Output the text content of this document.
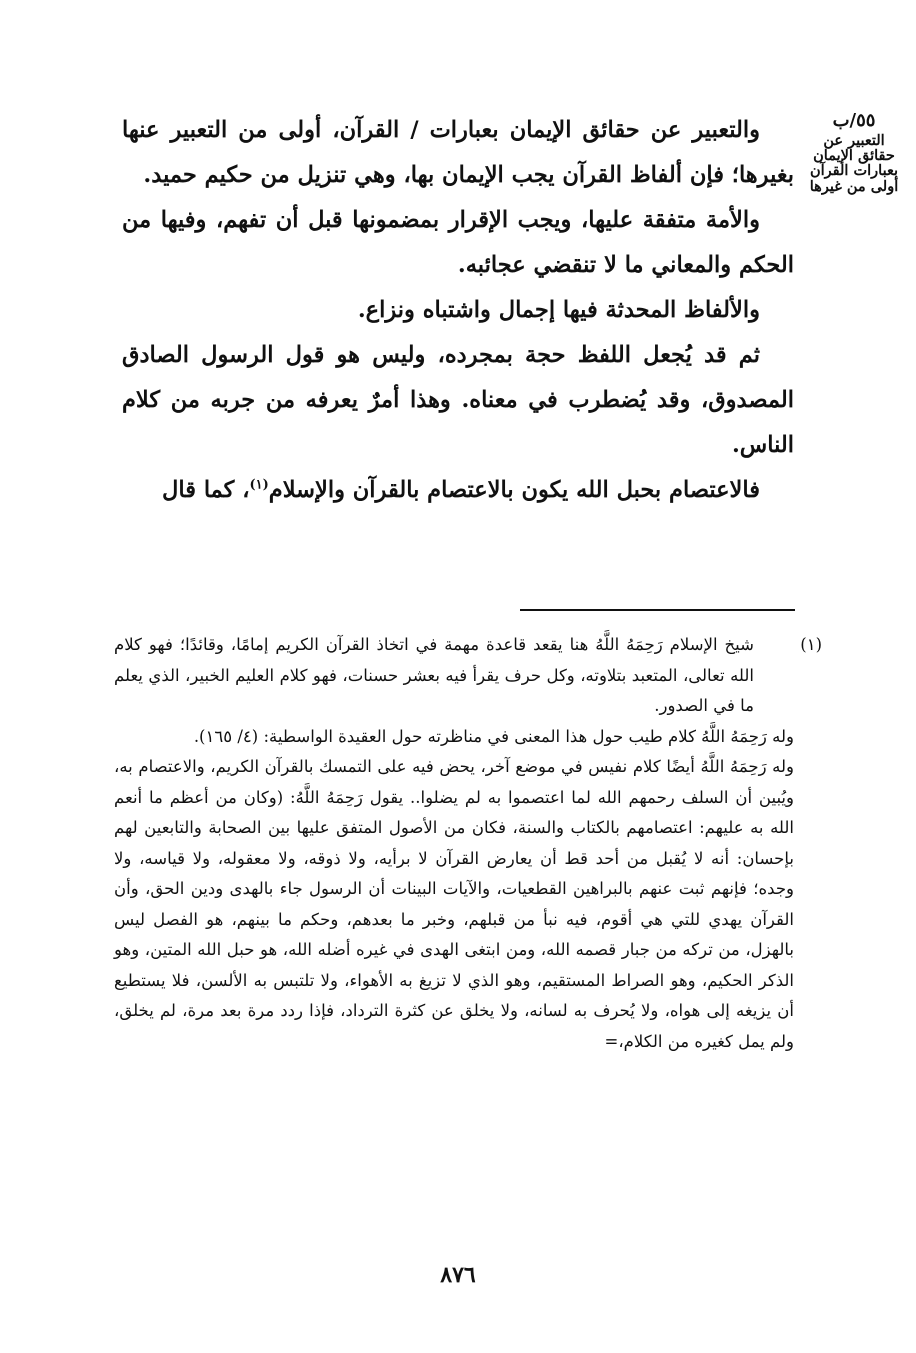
٥٥/ب
التعبير عن حقائق الإيمان بعبارات القرآن أولى من غيرها

والتعبير عن حقائق الإيمان بعبارات / القرآن، أولى من التعبير عنها بغيرها؛ فإن ألفاظ القرآن يجب الإيمان بها، وهي تنزيل من حكيم حميد.

والأمة متفقة عليها، ويجب الإقرار بمضمونها قبل أن تفهم، وفيها من الحكم والمعاني ما لا تنقضي عجائبه.

والألفاظ المحدثة فيها إجمال واشتباه ونزاع.

ثم قد يُجعل اللفظ حجة بمجرده، وليس هو قول الرسول الصادق المصدوق، وقد يُضطرب في معناه. وهذا أمرٌ يعرفه من جربه من كلام الناس.

فالاعتصام بحبل الله يكون بالاعتصام بالقرآن والإسلام$^{(١)}$، كما قال

(١)
شيخ الإسلام رَحِمَهُ اللَّهُ هنا يقعد قاعدة مهمة في اتخاذ القرآن الكريم إمامًا، وقائدًا؛ فهو كلام الله تعالى، المتعبد بتلاوته، وكل حرف يقرأ فيه بعشر حسنات، فهو كلام العليم الخبير، الذي يعلم ما في الصدور.

وله رَحِمَهُ اللَّهُ كلام طيب حول هذا المعنى في مناظرته حول العقيدة الواسطية: (٤/ ١٦٥).

وله رَحِمَهُ اللَّهُ أيضًا كلام نفيس في موضع آخر، يحض فيه على التمسك بالقرآن الكريم، والاعتصام به، ويُبين أن السلف رحمهم الله لما اعتصموا به لم يضلوا.. يقول رَحِمَهُ اللَّهُ: (وكان من أعظم ما أنعم الله به عليهم: اعتصامهم بالكتاب والسنة، فكان من الأصول المتفق عليها بين الصحابة والتابعين لهم بإحسان: أنه لا يُقبل من أحد قط أن يعارض القرآن لا برأيه، ولا ذوقه، ولا معقوله، ولا قياسه، ولا وجده؛ فإنهم ثبت عنهم بالبراهين القطعيات، والآيات البينات أن الرسول جاء بالهدى ودين الحق، وأن القرآن يهدي للتي هي أقوم، فيه نبأ من قبلهم، وخبر ما بعدهم، وحكم ما بينهم، هو الفصل ليس بالهزل، من تركه من جبار قصمه الله، ومن ابتغى الهدى في غيره أضله الله، هو حبل الله المتين، وهو الذكر الحكيم، وهو الصراط المستقيم، وهو الذي لا تزيغ به الأهواء، ولا تلتبس به الألسن، فلا يستطيع أن يزيغه إلى هواه، ولا يُحرف به لسانه، ولا يخلق عن كثرة الترداد، فإذا ردد مرة بعد مرة، لم يخلق، ولم يمل كغيره من الكلام،=

٨٧٦
